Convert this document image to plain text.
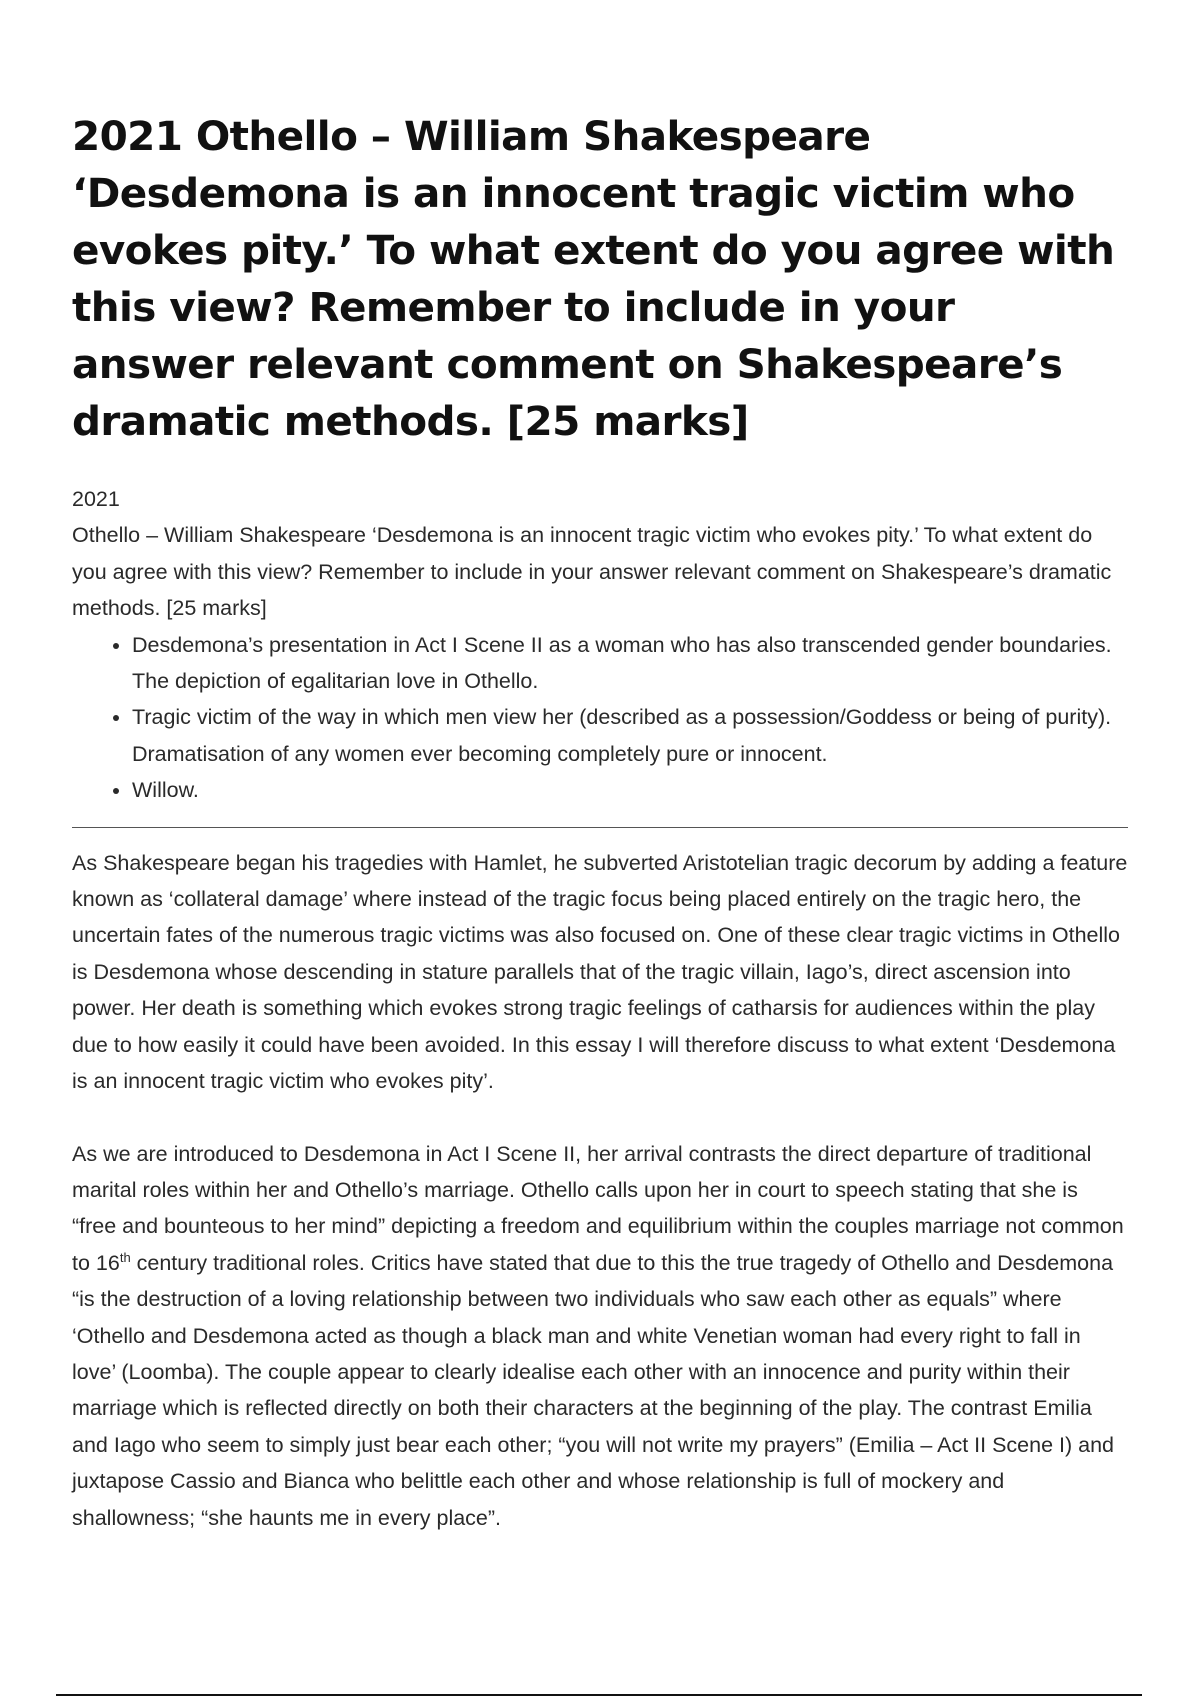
2021 Othello – William Shakespeare ‘Desdemona is an innocent tragic victim who evokes pity.’ To what extent do you agree with this view? Remember to include in your answer relevant comment on Shakespeare’s dramatic methods. [25 marks]
2021
Othello – William Shakespeare ‘Desdemona is an innocent tragic victim who evokes pity.’ To what extent do you agree with this view? Remember to include in your answer relevant comment on Shakespeare’s dramatic methods. [25 marks]
• Desdemona’s presentation in Act I Scene II as a woman who has also transcended gender boundaries. The depiction of egalitarian love in Othello.
• Tragic victim of the way in which men view her (described as a possession/Goddess or being of purity). Dramatisation of any women ever becoming completely pure or innocent.
• Willow.

As Shakespeare began his tragedies with Hamlet, he subverted Aristotelian tragic decorum by adding a feature known as ‘collateral damage’ where instead of the tragic focus being placed entirely on the tragic hero, the uncertain fates of the numerous tragic victims was also focused on. One of these clear tragic victims in Othello is Desdemona whose descending in stature parallels that of the tragic villain, Iago’s, direct ascension into power. Her death is something which evokes strong tragic feelings of catharsis for audiences within the play due to how easily it could have been avoided. In this essay I will therefore discuss to what extent ‘Desdemona is an innocent tragic victim who evokes pity’.

As we are introduced to Desdemona in Act I Scene II, her arrival contrasts the direct departure of traditional marital roles within her and Othello’s marriage. Othello calls upon her in court to speech stating that she is “free and bounteous to her mind” depicting a freedom and equilibrium within the couples marriage not common to 16th century traditional roles. Critics have stated that due to this the true tragedy of Othello and Desdemona “is the destruction of a loving relationship between two individuals who saw each other as equals” where ‘Othello and Desdemona acted as though a black man and white Venetian woman had every right to fall in love’ (Loomba). The couple appear to clearly idealise each other with an innocence and purity within their marriage which is reflected directly on both their characters at the beginning of the play. The contrast Emilia and Iago who seem to simply just bear each other; “you will not write my prayers” (Emilia – Act II Scene I) and juxtapose Cassio and Bianca who belittle each other and whose relationship is full of mockery and shallowness; “she haunts me in every place”.
